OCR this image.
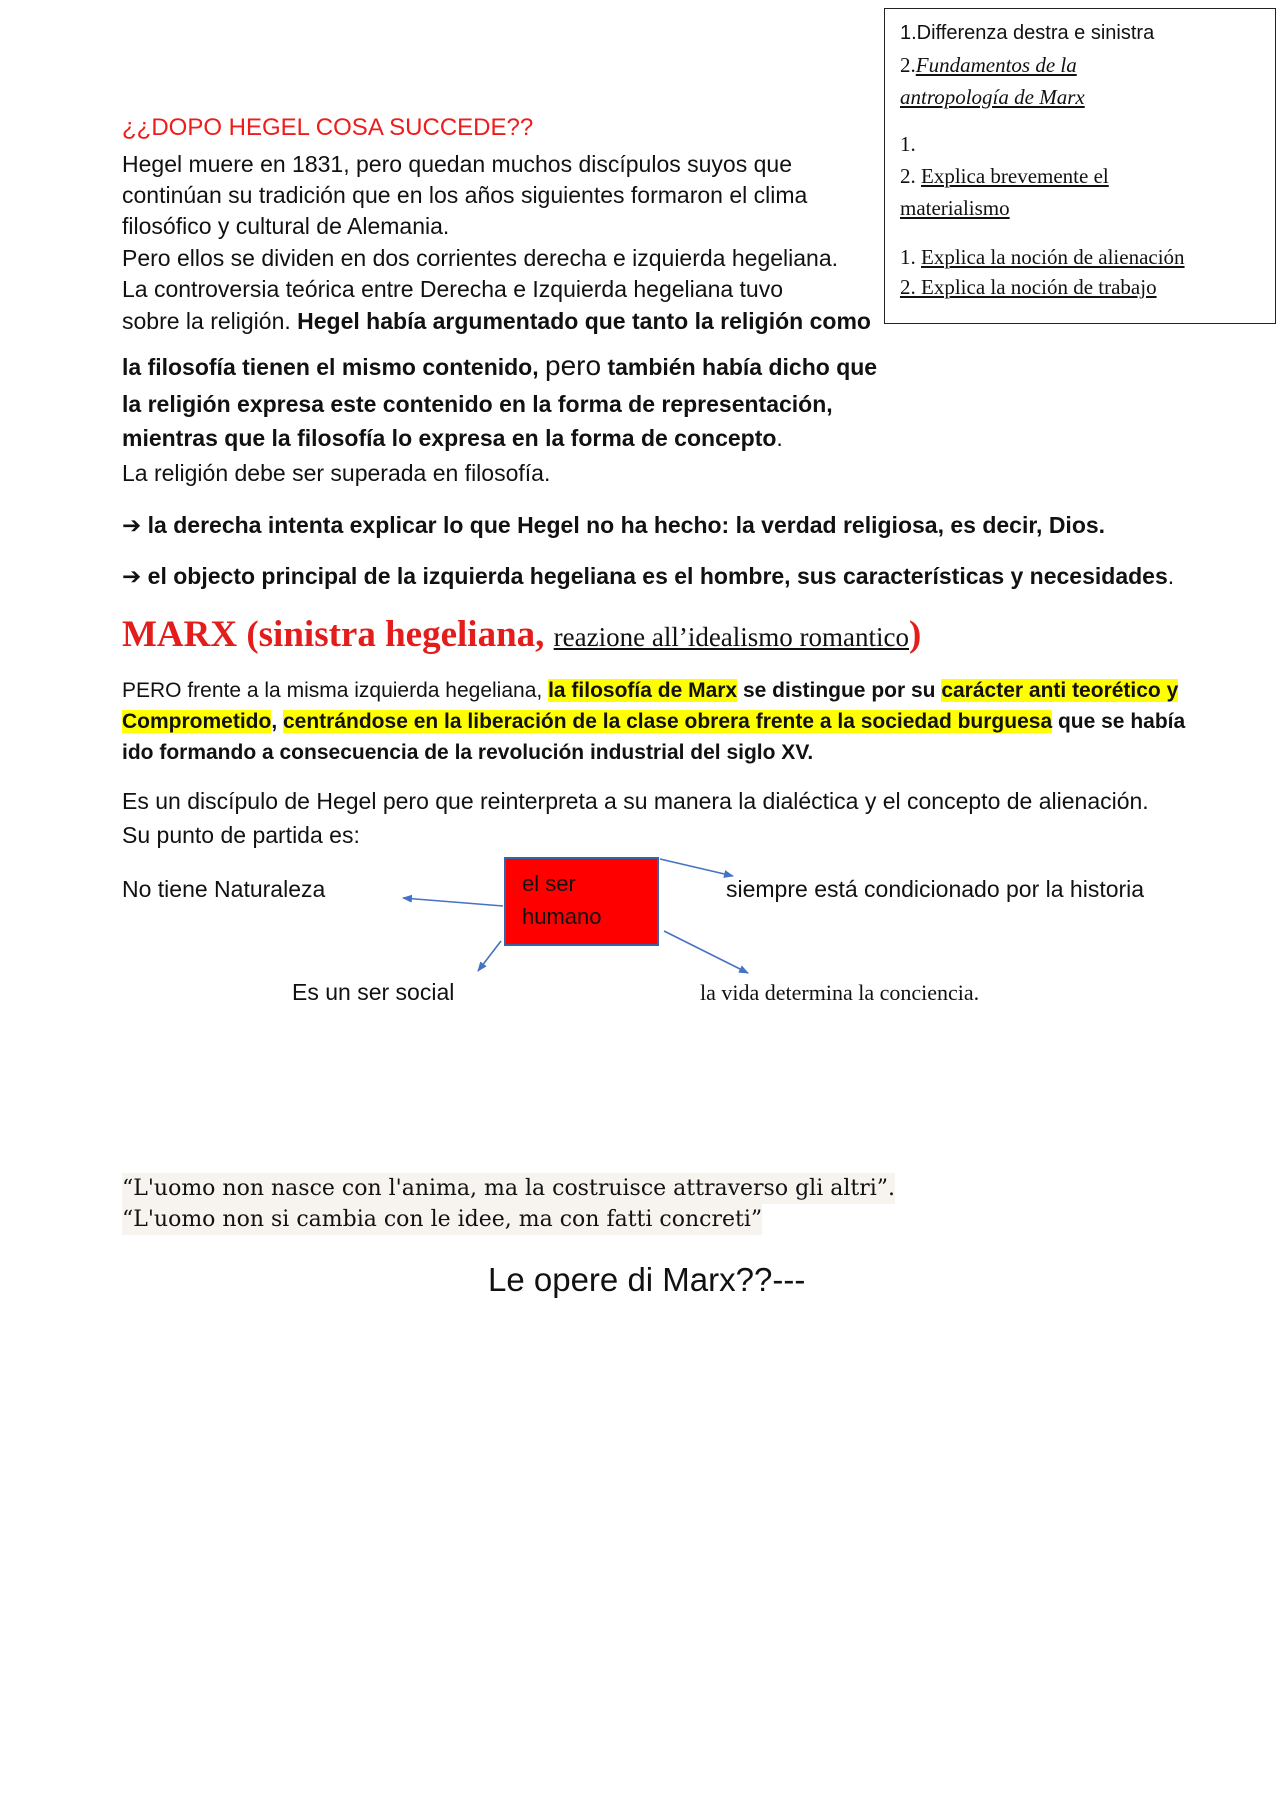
1.Differenza destra e sinistra
2.Fundamentos de la
antropología de Marx
1.
2. Explica brevemente el
materialismo
1. Explica la noción de alienación
2. Explica la noción de trabajo
¿¿DOPO HEGEL COSA SUCCEDE??
Hegel muere en 1831, pero quedan muchos discípulos suyos que
continúan su tradición que en los años siguientes formaron el clima
filosófico y cultural de Alemania.
Pero ellos se dividen en dos corrientes derecha e izquierda hegeliana.
La controversia teórica entre Derecha e Izquierda hegeliana tuvo
sobre la religión. Hegel había argumentado que tanto la religión como
la filosofía tienen el mismo contenido, pero también había dicho que
la religión expresa este contenido en la forma de representación,
mientras que la filosofía lo expresa en la forma de concepto.
La religión debe ser superada en filosofía.
➔ la derecha intenta explicar lo que Hegel no ha hecho: la verdad religiosa, es decir, Dios.
➔ el objecto principal de la izquierda hegeliana es el hombre, sus características y necesidades.
MARX (sinistra hegeliana, reazione all’idealismo romantico)
PERO frente a la misma izquierda hegeliana, la filosofía de Marx se distingue por su carácter anti teorético y
Comprometido, centrándose en la liberación de la clase obrera frente a la sociedad burguesa que se había
ido formando a consecuencia de la revolución industrial del siglo XV.
Es un discípulo de Hegel pero que reinterpreta a su manera la dialéctica y el concepto de alienación.
Su punto de partida es:
No tiene Naturaleza	siempre está condicionado por la historia
Es un ser social	la vida determina la conciencia.
el ser
humano
“L'uomo non nasce con l'anima, ma la costruisce attraverso gli altri”.
“L'uomo non si cambia con le idee, ma con fatti concreti”
Le opere di Marx??---
